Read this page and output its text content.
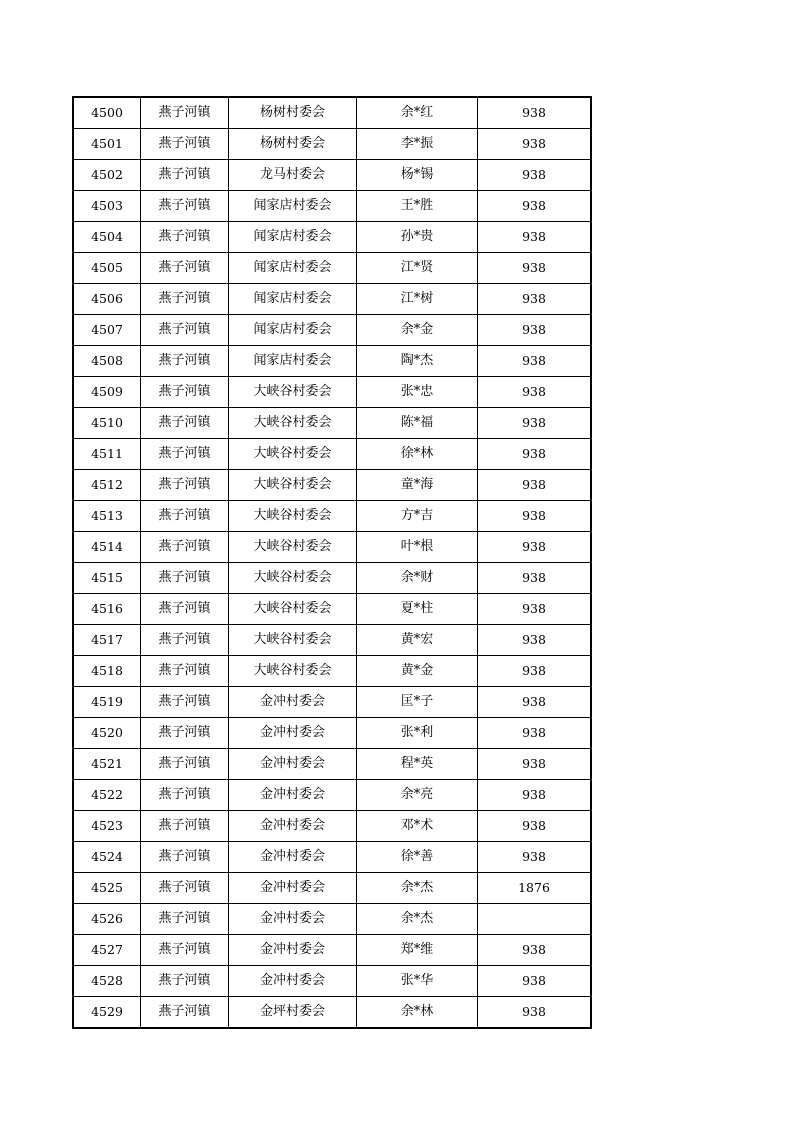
4500	燕子河镇	杨树村委会	余*红	938
4501	燕子河镇	杨树村委会	李*振	938
4502	燕子河镇	龙马村委会	杨*锡	938
4503	燕子河镇	闻家店村委会	王*胜	938
4504	燕子河镇	闻家店村委会	孙*贵	938
4505	燕子河镇	闻家店村委会	江*贤	938
4506	燕子河镇	闻家店村委会	江*树	938
4507	燕子河镇	闻家店村委会	余*金	938
4508	燕子河镇	闻家店村委会	陶*杰	938
4509	燕子河镇	大峡谷村委会	张*忠	938
4510	燕子河镇	大峡谷村委会	陈*福	938
4511	燕子河镇	大峡谷村委会	徐*林	938
4512	燕子河镇	大峡谷村委会	童*海	938
4513	燕子河镇	大峡谷村委会	方*吉	938
4514	燕子河镇	大峡谷村委会	叶*根	938
4515	燕子河镇	大峡谷村委会	余*财	938
4516	燕子河镇	大峡谷村委会	夏*柱	938
4517	燕子河镇	大峡谷村委会	黄*宏	938
4518	燕子河镇	大峡谷村委会	黄*金	938
4519	燕子河镇	金冲村委会	匡*子	938
4520	燕子河镇	金冲村委会	张*利	938
4521	燕子河镇	金冲村委会	程*英	938
4522	燕子河镇	金冲村委会	余*亮	938
4523	燕子河镇	金冲村委会	邓*术	938
4524	燕子河镇	金冲村委会	徐*善	938
4525	燕子河镇	金冲村委会	余*杰	1876
4526	燕子河镇	金冲村委会	余*杰	
4527	燕子河镇	金冲村委会	郑*维	938
4528	燕子河镇	金冲村委会	张*华	938
4529	燕子河镇	金坪村委会	余*林	938
